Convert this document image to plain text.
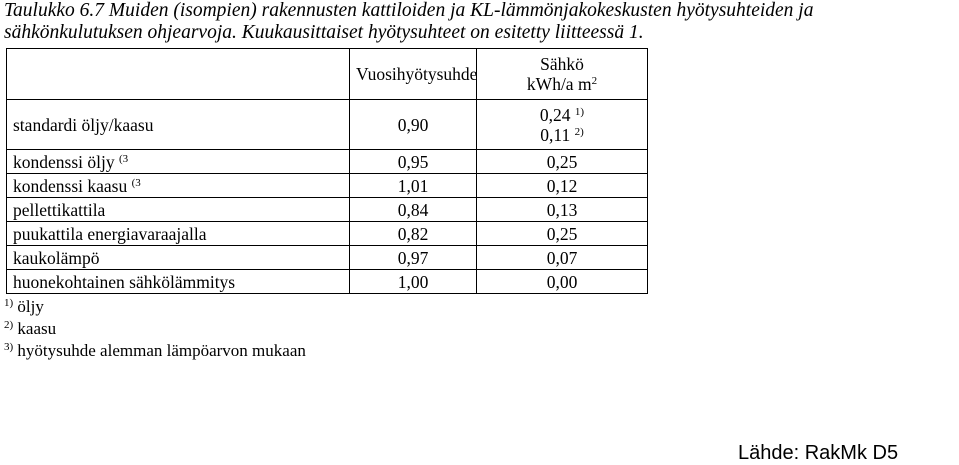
Taulukko 6.7 Muiden (isompien) rakennusten kattiloiden ja KL-lämmönjakokeskusten hyötysuhteiden ja
sähkönkulutuksen ohjearvoja. Kuukausittaiset hyötysuhteet on esitetty liitteessä 1.
	Vuosihyötysuhde	Sähkö
kWh/a $m^2$

standardi öljy/kaasu	0,90	0,24 $^{1)}$
0,11 $^{2)}$

kondenssi öljy $^{(3}$	0,95	0,25
kondenssi kaasu $^{(3}$	1,01	0,12
pellettikattila	0,84	0,13
puukattila energiavaraajalla	0,82	0,25
kaukolämpö	0,97	0,07
huonekohtainen sähkölämmitys	1,00	0,00
$^{1)}$ öljy
$^{2)}$ kaasu
$^{3)}$ hyötysuhde alemman lämpöarvon mukaan
Lähde: RakMk D5
